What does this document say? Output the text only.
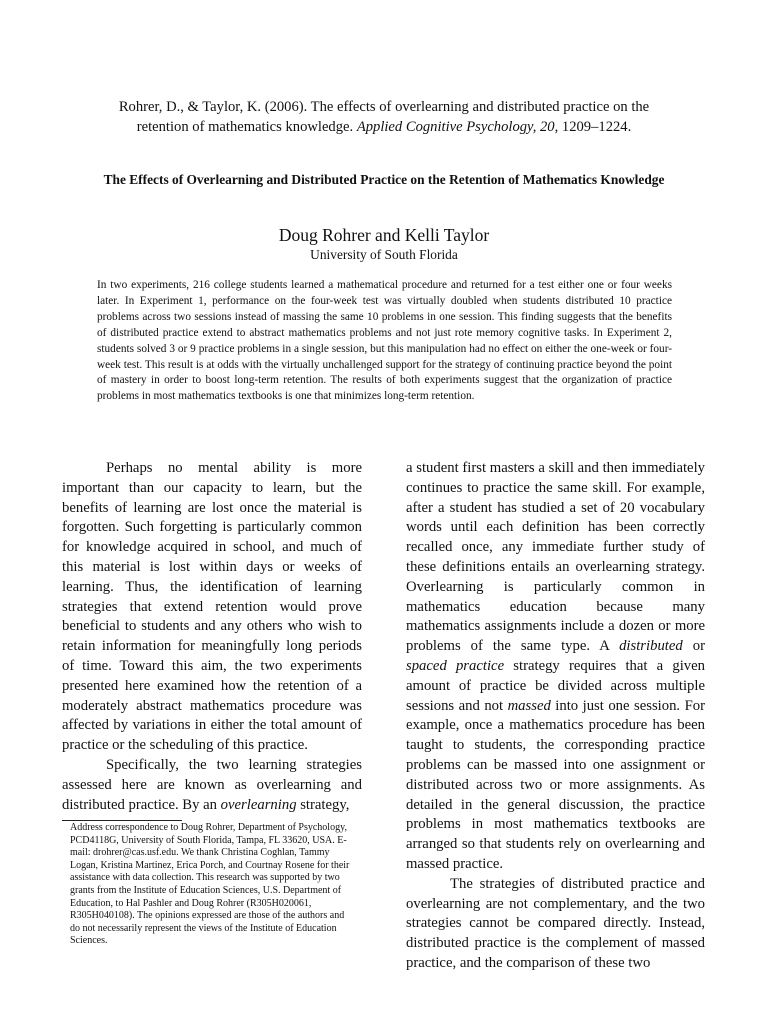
Rohrer, D., & Taylor, K. (2006). The effects of overlearning and distributed practice on the
retention of mathematics knowledge. Applied Cognitive Psychology, 20, 1209–1224.
The Effects of Overlearning and Distributed Practice on the Retention of Mathematics Knowledge
Doug Rohrer and Kelli Taylor
University of South Florida

In two experiments, 216 college students learned a mathematical procedure and returned for a test either one or four weeks later. In Experiment 1, performance on the four-week test was virtually doubled when students distributed 10 practice problems across two sessions instead of massing the same 10 problems in one session. This finding suggests that the benefits of distributed practice extend to abstract mathematics problems and not just rote memory cognitive tasks. In Experiment 2, students solved 3 or 9 practice problems in a single session, but this manipulation had no effect on either the one-week or four-week test. This result is at odds with the virtually unchallenged support for the strategy of continuing practice beyond the point of mastery in order to boost long-term retention. The results of both experiments suggest that the organization of practice problems in most mathematics textbooks is one that minimizes long-term retention.

Perhaps no mental ability is more important than our capacity to learn, but the benefits of learning are lost once the material is forgotten. Such forgetting is particularly common for knowledge acquired in school, and much of this material is lost within days or weeks of learning. Thus, the identification of learning strategies that extend retention would prove beneficial to students and any others who wish to retain information for meaningfully long periods of time. Toward this aim, the two experiments presented here examined how the retention of a moderately abstract mathematics procedure was affected by variations in either the total amount of practice or the scheduling of this practice.

Specifically, the two learning strategies assessed here are known as overlearning and distributed practice. By an overlearning strategy,

a student first masters a skill and then immediately continues to practice the same skill. For example, after a student has studied a set of 20 vocabulary words until each definition has been correctly recalled once, any immediate further study of these definitions entails an overlearning strategy. Overlearning is particularly common in mathematics education because many mathematics assignments include a dozen or more problems of the same type. A distributed or spaced practice strategy requires that a given amount of practice be divided across multiple sessions and not massed into just one session. For example, once a mathematics procedure has been taught to students, the corresponding practice problems can be massed into one assignment or distributed across two or more assignments. As detailed in the general discussion, the practice problems in most mathematics textbooks are arranged so that students rely on overlearning and massed practice.

The strategies of distributed practice and overlearning are not complementary, and the two strategies cannot be compared directly. Instead, distributed practice is the complement of massed practice, and the comparison of these two

Address correspondence to Doug Rohrer, Department of Psychology, PCD4118G, University of South Florida, Tampa, FL 33620, USA. E-mail: drohrer@cas.usf.edu. We thank Christina Coghlan, Tammy Logan, Kristina Martinez, Erica Porch, and Courtnay Rosene for their assistance with data collection. This research was supported by two grants from the Institute of Education Sciences, U.S. Department of Education, to Hal Pashler and Doug Rohrer (R305H020061, R305H040108). The opinions expressed are those of the authors and do not necessarily represent the views of the Institute of Education Sciences.
